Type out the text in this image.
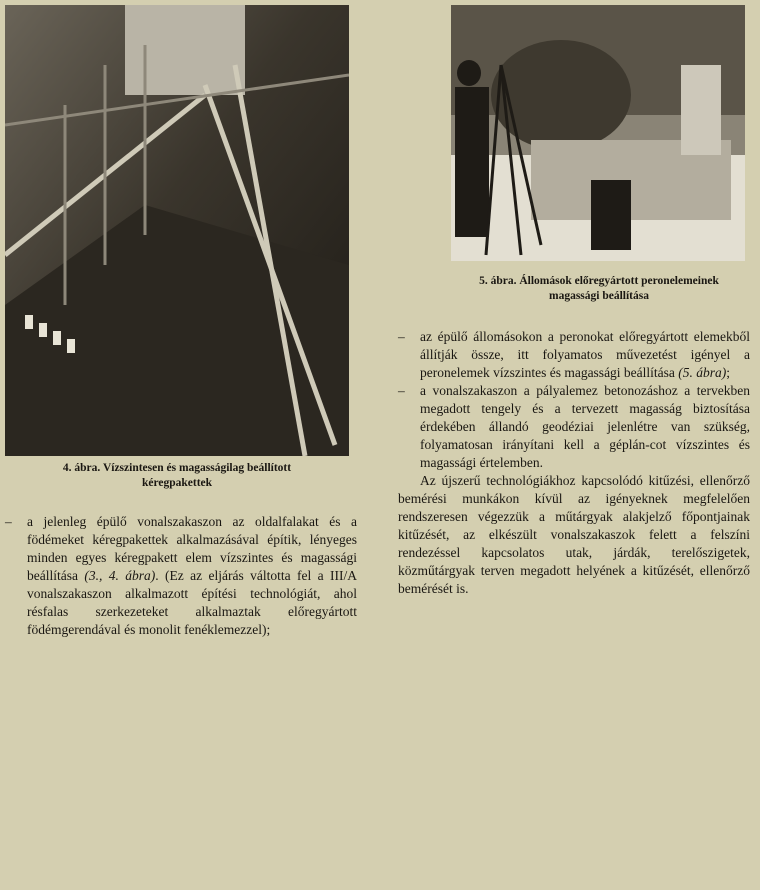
4. ábra. Vízszintesen és magasságilag beállított
kéregpakettek
5. ábra. Állomások előregyártott peronelemeinek
magassági beállítása
–	a jelenleg épülő vonalszakaszon az oldalfalakat és a födémeket kéregpakettek alkalmazásával építik, lényeges minden egyes kéregpakett elem vízszintes és magassági beállítása (3., 4. ábra). (Ez az eljárás váltotta fel a III/A vonalszakaszon alkalmazott építési technológiát, ahol résfalas szerkezeteket alkalmaztak előregyártott födémgerendával és monolit fenéklemezzel);
–	az épülő állomásokon a peronokat előregyártott elemekből állítják össze, itt folyamatos művezetést igényel a peronelemek vízszintes és magassági beállítása (5. ábra);
–	a vonalszakaszon a pályalemez betonozáshoz a tervekben megadott tengely és a tervezett magasság biztosítása érdekében állandó geodéziai jelenlétre van szükség, folyamatosan irányítani kell a géplán-cot vízszintes és magassági értelemben.

Az újszerű technológiákhoz kapcsolódó kitűzési, ellenőrző bemérési munkákon kívül az igényeknek megfelelően rendszeresen végezzük a műtárgyak alakjelző főpontjainak kitűzését, az elkészült vonalszakaszok felett a felszíni rendezéssel kapcsolatos utak, járdák, terelőszigetek, közműtárgyak terven megadott helyének a kitűzését, ellenőrző bemérését is.
